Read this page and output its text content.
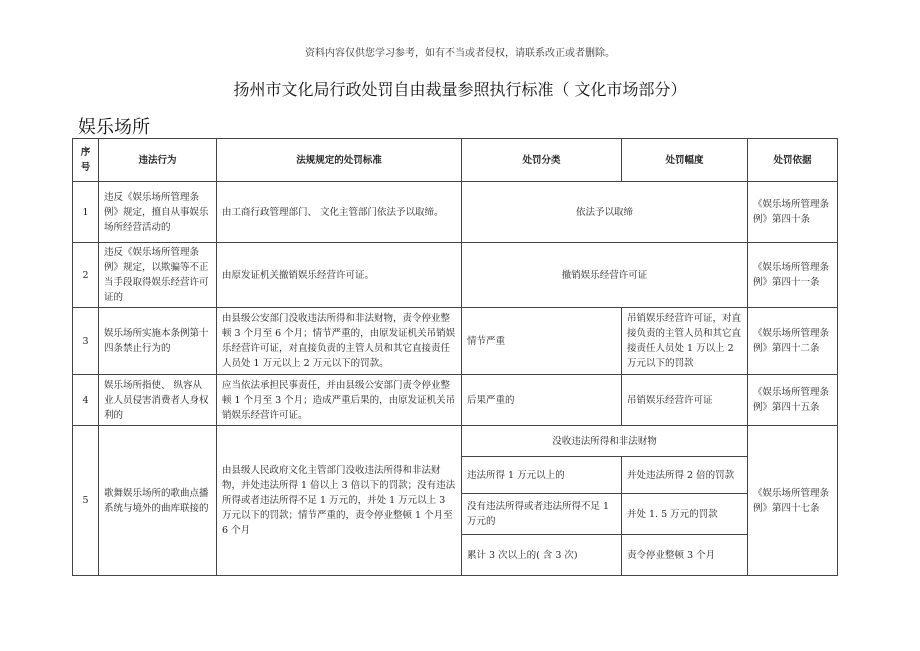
资料内容仅供您学习参考，如有不当或者侵权，请联系改正或者删除。
扬州市文化局行政处罚自由裁量参照执行标准（ 文化市场部分）
娱乐场所
序号	违法行为	法规规定的处罚标准	处罚分类	处罚幅度	处罚依据
1	违反《娱乐场所管理条例》规定，擅自从事娱乐场所经营活动的	由工商行政管理部门、 文化主管部门依法予以取缔。	依法予以取缔		《娱乐场所管理条例》第四十条
2	违反《娱乐场所管理条例》规定，以欺骗等不正当手段取得娱乐经营许可证的	由原发证机关撤销娱乐经营许可证。	撤销娱乐经营许可证		《娱乐场所管理条例》第四十一条
3	娱乐场所实施本条例第十四条禁止行为的	由县级公安部门没收违法所得和非法财物，责令停业整顿 3 个月至 6 个月；情节严重的，由原发证机关吊销娱乐经营许可证，对直接负责的主管人员和其它直接责任人员处 1 万元以上 2 万元以下的罚款。	情节严重	吊销娱乐经营许可证，对直接负责的主管人员和其它直接责任人员处 1 万以上 2 万元以下的罚款	《娱乐场所管理条例》第四十二条
4	娱乐场所指使、 纵容从业人员侵害消费者人身权利的	应当依法承担民事责任，并由县级公安部门责令停业整顿 1 个月至 3 个月；造成严重后果的，由原发证机关吊销娱乐经营许可证。	后果严重的	吊销娱乐经营许可证	《娱乐场所管理条例》第四十五条
5	歌舞娱乐场所的歌曲点播系统与境外的曲库联接的	由县级人民政府文化主管部门没收违法所得和非法财物，并处违法所得 1 倍以上 3 倍以下的罚款；没有违法所得或者违法所得不足 1 万元的，并处 1 万元以上 3 万元以下的罚款；情节严重的，责令停业整顿 1 个月至 6 个月	没收违法所得和非法财物		《娱乐场所管理条例》第四十七条
			违法所得 1 万元以上的	并处违法所得 2 倍的罚款	
			没有违法所得或者违法所得不足 1 万元的	并处 1. 5 万元的罚款	
			累计 3 次以上的( 含 3 次)	责令停业整顿 3 个月	
